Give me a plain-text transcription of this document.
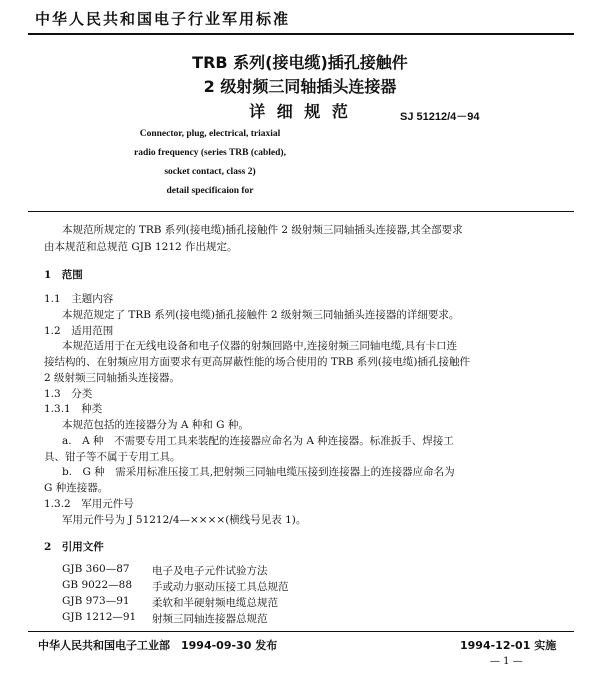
中华人民共和国电子行业军用标准
TRB 系列(接电缆)插孔接触件
2 级射频三同轴插头连接器
详 细 规 范	SJ 51212/4－94
Connector, plug, electrical, triaxial
radio frequency (series TRB (cabled),
socket contact, class 2)
detail specificaion for
本规范所规定的 TRB 系列(接电缆)插孔接触件 2 级射频三同轴插头连接器,其全部要求
由本规范和总规范 GJB 1212 作出规定。
1　范围
1.1　主题内容
本规范规定了 TRB 系列(接电缆)插孔接触件 2 级射频三同轴插头连接器的详细要求。
1.2　适用范围
本规范适用于在无线电设备和电子仪器的射频回路中,连接射频三同轴电缆,具有卡口连
接结构的、在射频应用方面要求有更高屏蔽性能的场合使用的 TRB 系列(接电缆)插孔接触件
2 级射频三同轴插头连接器。
1.3　分类
1.3.1　种类
本规范包括的连接器分为 A 种和 G 种。
a.　A 种　不需要专用工具来装配的连接器应命名为 A 种连接器。标准扳手、焊接工
具、钳子等不属于专用工具。
b.　G 种　需采用标准压接工具,把射频三同轴电缆压接到连接器上的连接器应命名为
G 种连接器。
1.3.2　军用元件号
军用元件号为 J 51212/4—××××(横线号见表 1)。
2　引用文件
GJB 360—87 电子及电子元件试验方法
GB 9022—88 手或动力驱动压接工具总规范
GJB 973—91 柔软和半硬射频电缆总规范
GJB 1212—91 射频三同轴连接器总规范
中华人民共和国电子工业部　1994-09-30 发布	1994-12-01 实施
— 1 —
